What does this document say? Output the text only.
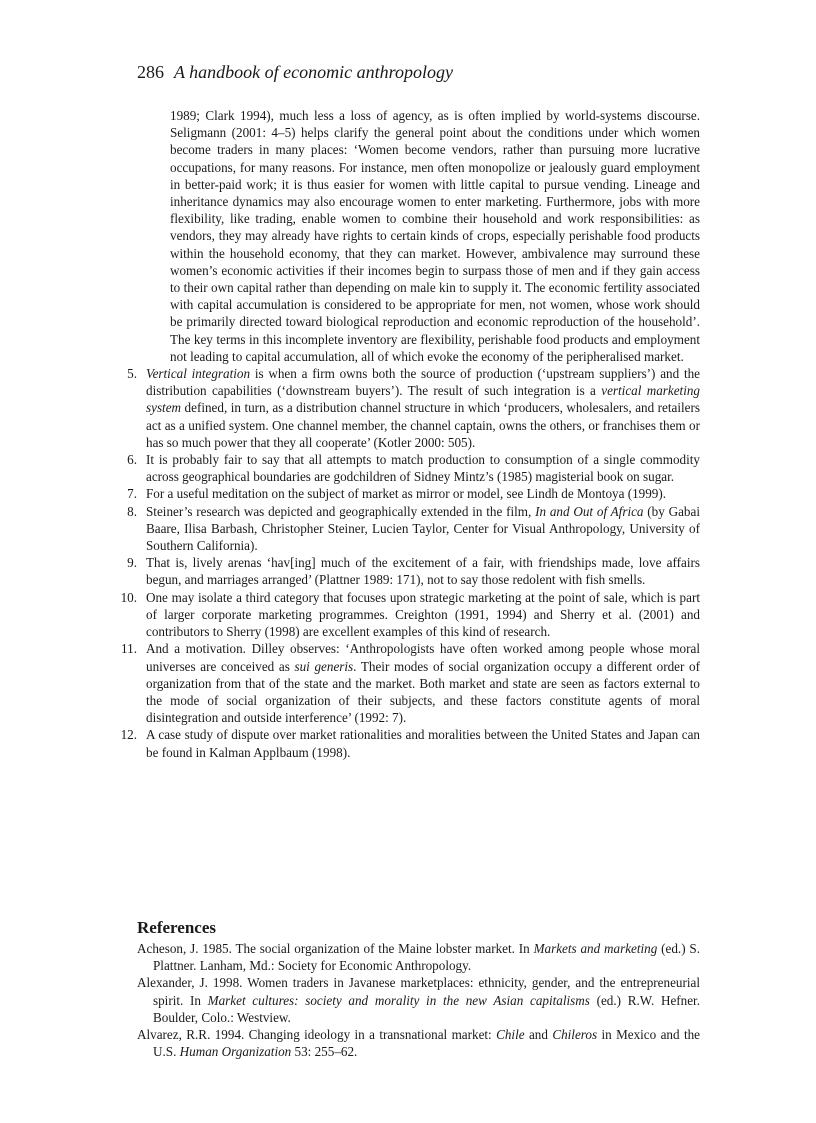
286 A handbook of economic anthropology
1989; Clark 1994), much less a loss of agency, as is often implied by world-systems discourse. Seligmann (2001: 4–5) helps clarify the general point about the conditions under which women become traders in many places: ‘Women become vendors, rather than pursuing more lucrative occupations, for many reasons. For instance, men often monopolize or jealously guard employment in better-paid work; it is thus easier for women with little capital to pursue vending. Lineage and inheritance dynamics may also encourage women to enter marketing. Furthermore, jobs with more flexibility, like trading, enable women to combine their household and work responsibilities: as vendors, they may already have rights to certain kinds of crops, especially perishable food products within the household economy, that they can market. However, ambivalence may surround these women’s economic activities if their incomes begin to surpass those of men and if they gain access to their own capital rather than depending on male kin to supply it. The economic fertility associated with capital accumulation is considered to be appropriate for men, not women, whose work should be primarily directed toward biological reproduction and economic reproduction of the household’. The key terms in this incomplete inventory are flexibility, perishable food products and employment not leading to capital accumulation, all of which evoke the economy of the peripheralised market.
5. Vertical integration is when a firm owns both the source of production (‘upstream suppliers’) and the distribution capabilities (‘downstream buyers’). The result of such integration is a vertical marketing system defined, in turn, as a distribution channel structure in which ‘producers, wholesalers, and retailers act as a unified system. One channel member, the channel captain, owns the others, or franchises them or has so much power that they all cooperate’ (Kotler 2000: 505).
6. It is probably fair to say that all attempts to match production to consumption of a single commodity across geographical boundaries are godchildren of Sidney Mintz’s (1985) magisterial book on sugar.
7. For a useful meditation on the subject of market as mirror or model, see Lindh de Montoya (1999).
8. Steiner’s research was depicted and geographically extended in the film, In and Out of Africa (by Gabai Baare, Ilisa Barbash, Christopher Steiner, Lucien Taylor, Center for Visual Anthropology, University of Southern California).
9. That is, lively arenas ‘hav[ing] much of the excitement of a fair, with friendships made, love affairs begun, and marriages arranged’ (Plattner 1989: 171), not to say those redolent with fish smells.
10. One may isolate a third category that focuses upon strategic marketing at the point of sale, which is part of larger corporate marketing programmes. Creighton (1991, 1994) and Sherry et al. (2001) and contributors to Sherry (1998) are excellent examples of this kind of research.
11. And a motivation. Dilley observes: ‘Anthropologists have often worked among people whose moral universes are conceived as sui generis. Their modes of social organization occupy a different order of organization from that of the state and the market. Both market and state are seen as factors external to the mode of social organization of their subjects, and these factors constitute agents of moral disintegration and outside interference’ (1992: 7).
12. A case study of dispute over market rationalities and moralities between the United States and Japan can be found in Kalman Applbaum (1998).
References
Acheson, J. 1985. The social organization of the Maine lobster market. In Markets and marketing (ed.) S. Plattner. Lanham, Md.: Society for Economic Anthropology.
Alexander, J. 1998. Women traders in Javanese marketplaces: ethnicity, gender, and the entrepreneurial spirit. In Market cultures: society and morality in the new Asian capitalisms (ed.) R.W. Hefner. Boulder, Colo.: Westview.
Alvarez, R.R. 1994. Changing ideology in a transnational market: Chile and Chileros in Mexico and the U.S. Human Organization 53: 255–62.
